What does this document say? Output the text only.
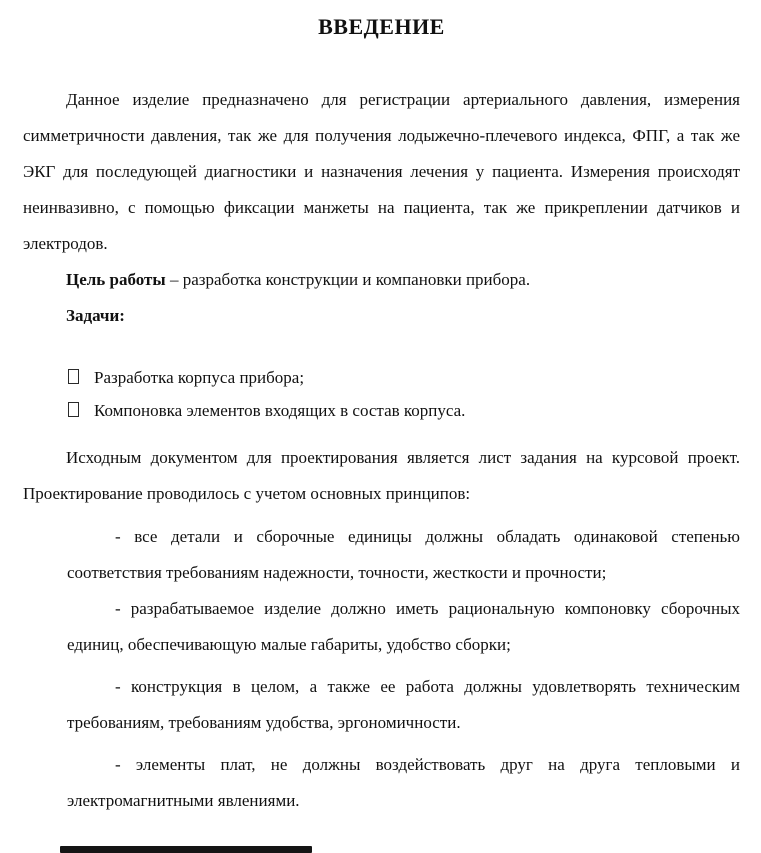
ВВЕДЕНИЕ

Данное изделие предназначено для регистрации артериального давления, измерения симметричности давления, так же для получения лодыжечно-плечевого индекса, ФПГ, а так же ЭКГ для последующей диагностики и назначения лечения у пациента. Измерения происходят неинвазивно, с помощью фиксации манжеты на пациента, так же прикреплении датчиков и электродов.

Цель работы – разработка конструкции и компановки прибора.

Задачи:

Разработка корпуса прибора;
Компоновка элементов входящих в состав корпуса.

Исходным документом для проектирования является лист задания на курсовой проект. Проектирование проводилось с учетом основных принципов:

- все детали и сборочные единицы должны обладать одинаковой степенью соответствия требованиям надежности, точности, жесткости и прочности;

- разрабатываемое изделие должно иметь рациональную компоновку сборочных единиц, обеспечивающую малые габариты, удобство сборки;

- конструкция в целом, а также ее работа должны удовлетворять техническим требованиям, требованиям удобства, эргономичности.

- элементы плат, не должны воздействовать друг на друга тепловыми и электромагнитными явлениями.
